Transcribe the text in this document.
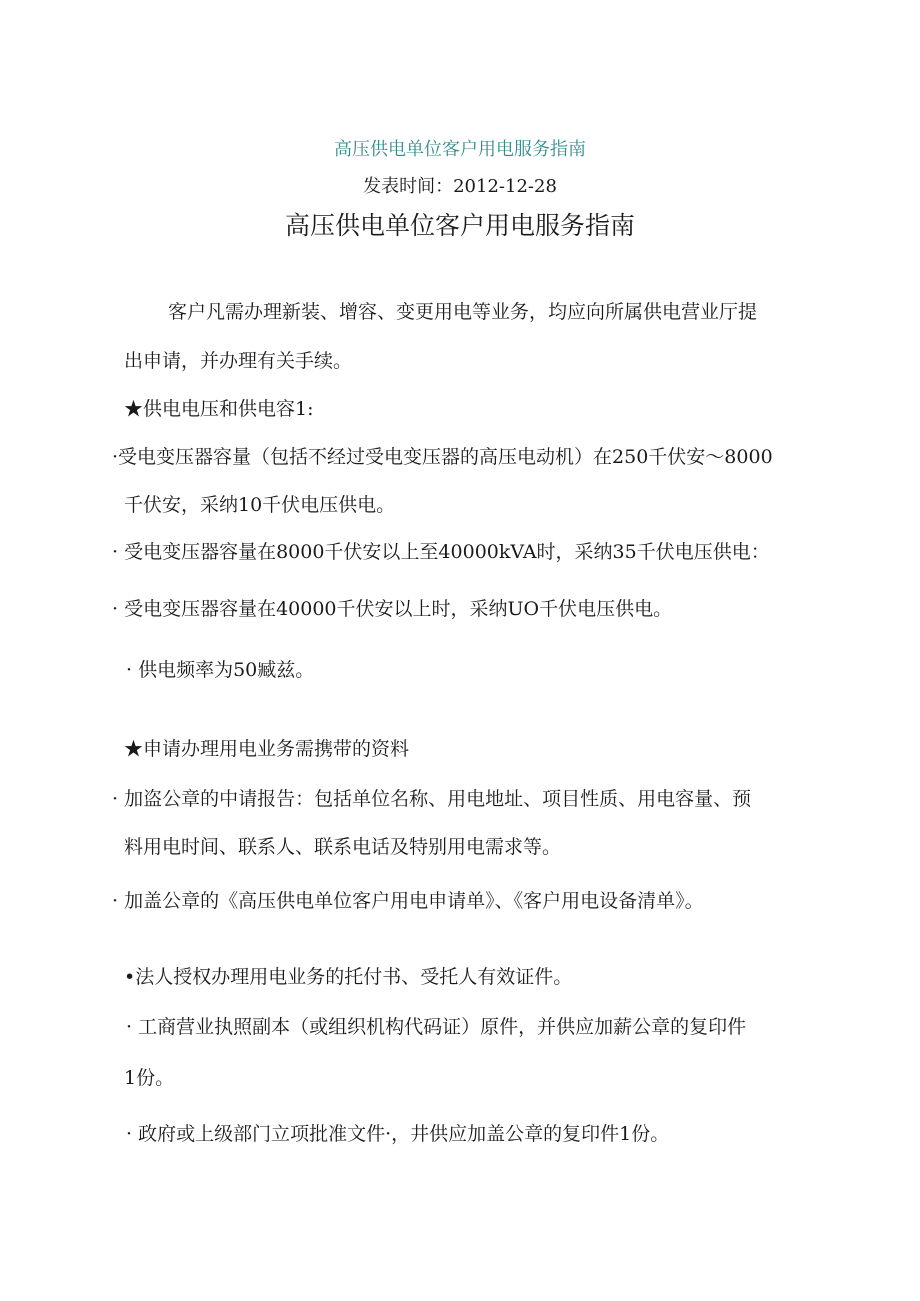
高压供电单位客户用电服务指南
发表时间：2012-12-28
高压供电单位客户用电服务指南
客户凡需办理新装、增容、变更用电等业务，均应向所属供电营业厅提
出申请，并办理有关手续。
★供电电压和供电容1:
·受电变压器容量（包括不经过受电变压器的高压电动机）在250千伏安～8000
千伏安，采纳10千伏电压供电。
· 受电变压器容量在8000千伏安以上至40000kVA时，采纳35千伏电压供电：
· 受电变压器容量在40000千伏安以上时，采纳UO千伏电压供电。
· 供电频率为50臧兹。
★申请办理用电业务需携带的资料
· 加盗公章的中请报告：包括单位名称、用电地址、项目性质、用电容量、预
料用电时间、联系人、联系电话及特别用电需求等。
· 加盖公章的《高压供电单位客户用电申请单》、《客户用电设备清单》。
•法人授权办理用电业务的托付书、受托人有效证件。
· 工商营业执照副本（或组织机构代码证）原件，并供应加薪公章的复印件
1份。
· 政府或上级部门立项批准文件·，井供应加盖公章的复印件1份。
